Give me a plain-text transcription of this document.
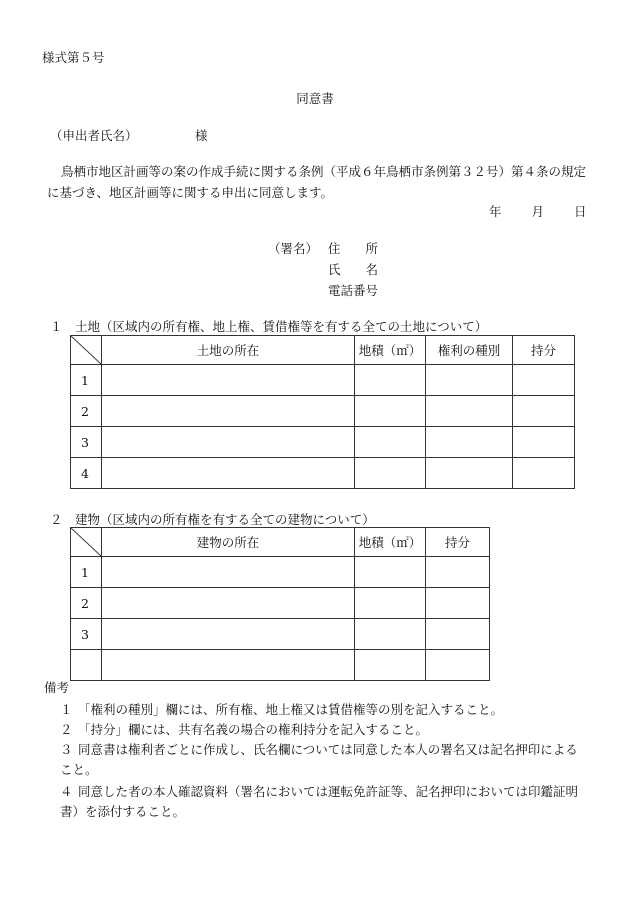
様式第５号
同意書
（申出者氏名）	様
鳥栖市地区計画等の案の作成手続に関する条例（平成６年鳥栖市条例第３２号）第４条の規定に基づき、地区計画等に関する申出に同意します。
年 月 日
（署名） 住　　所
氏　　名
電話番号
１　土地（区域内の所有権、地上権、賃借権等を有する全ての土地について）
	土地の所在	地積（㎡）	権利の種別	持分
1				
2				
3				
4				
２　建物（区域内の所有権を有する全ての建物について）
	建物の所在	地積（㎡）	持分
1			
2			
3			

備考
１ 「権利の種別」欄には、所有権、地上権又は賃借権等の別を記入すること。
２ 「持分」欄には、共有名義の場合の権利持分を記入すること。
３ 同意書は権利者ごとに作成し、氏名欄については同意した本人の署名又は記名押印によること。
４ 同意した者の本人確認資料（署名においては運転免許証等、記名押印においては印鑑証明書）を添付すること。
